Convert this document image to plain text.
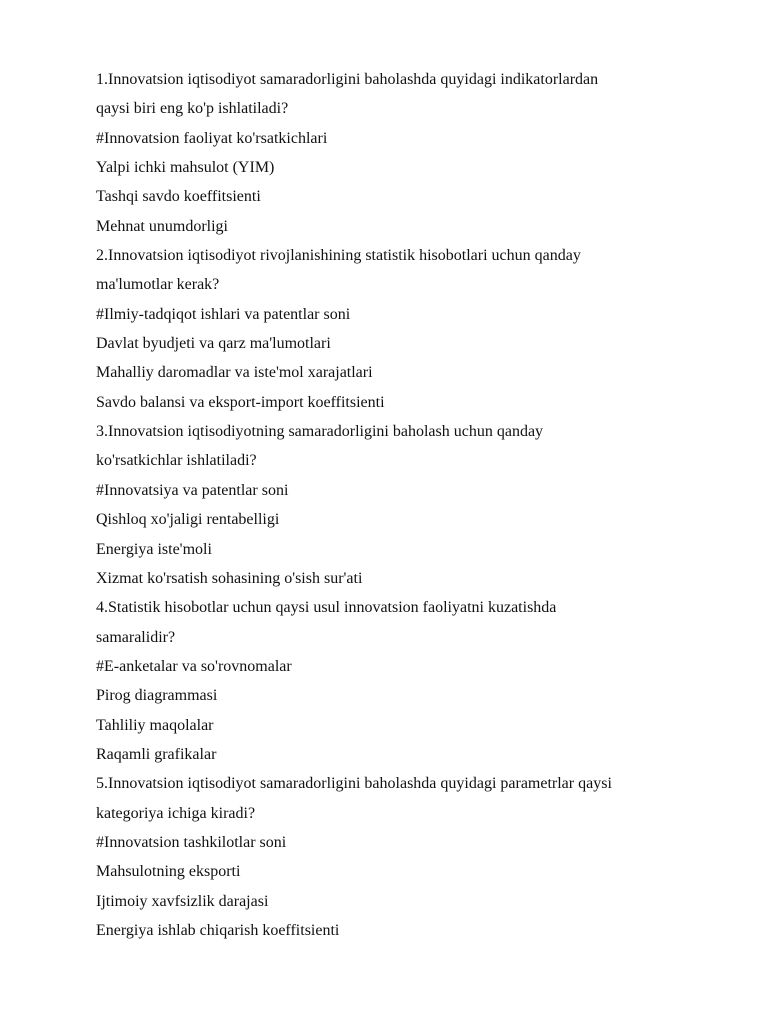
1.Innovatsion iqtisodiyot samaradorligini baholashda quyidagi indikatorlardan
qaysi biri eng ko'p ishlatiladi?
#Innovatsion faoliyat ko'rsatkichlari
Yalpi ichki mahsulot (YIM)
Tashqi savdo koeffitsienti
Mehnat unumdorligi
2.Innovatsion iqtisodiyot rivojlanishining statistik hisobotlari uchun qanday
ma'lumotlar kerak?
#Ilmiy-tadqiqot ishlari va patentlar soni
Davlat byudjeti va qarz ma'lumotlari
Mahalliy daromadlar va iste'mol xarajatlari
Savdo balansi va eksport-import koeffitsienti
3.Innovatsion iqtisodiyotning samaradorligini baholash uchun qanday
ko'rsatkichlar ishlatiladi?
#Innovatsiya va patentlar soni
Qishloq xo'jaligi rentabelligi
Energiya iste'moli
Xizmat ko'rsatish sohasining o'sish sur'ati
4.Statistik hisobotlar uchun qaysi usul innovatsion faoliyatni kuzatishda
samaralidir?
#E-anketalar va so'rovnomalar
Pirog diagrammasi
Tahliliy maqolalar
Raqamli grafikalar
5.Innovatsion iqtisodiyot samaradorligini baholashda quyidagi parametrlar qaysi
kategoriya ichiga kiradi?
#Innovatsion tashkilotlar soni
Mahsulotning eksporti
Ijtimoiy xavfsizlik darajasi
Energiya ishlab chiqarish koeffitsienti
